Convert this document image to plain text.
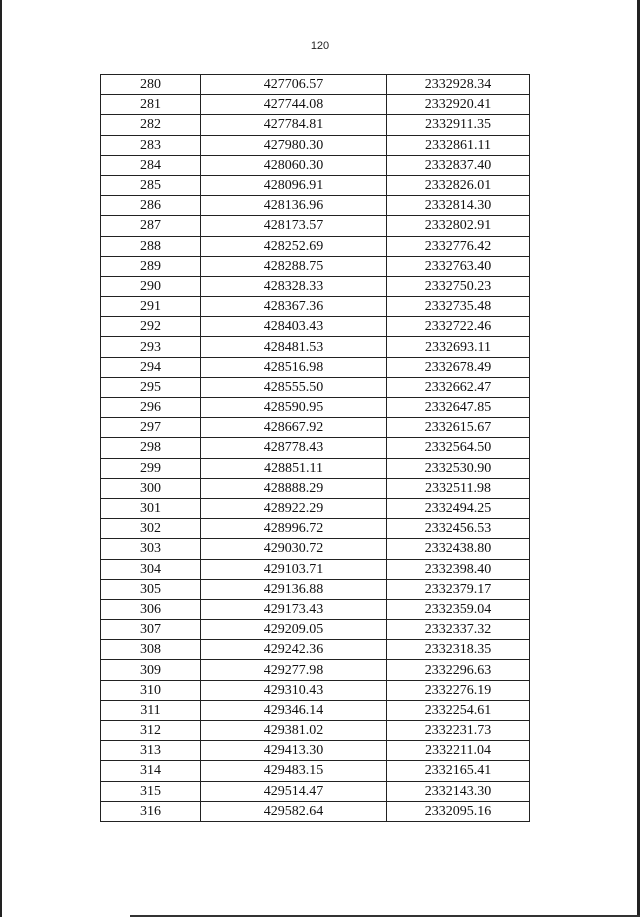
120
280	427706.57	2332928.34
281	427744.08	2332920.41
282	427784.81	2332911.35
283	427980.30	2332861.11
284	428060.30	2332837.40
285	428096.91	2332826.01
286	428136.96	2332814.30
287	428173.57	2332802.91
288	428252.69	2332776.42
289	428288.75	2332763.40
290	428328.33	2332750.23
291	428367.36	2332735.48
292	428403.43	2332722.46
293	428481.53	2332693.11
294	428516.98	2332678.49
295	428555.50	2332662.47
296	428590.95	2332647.85
297	428667.92	2332615.67
298	428778.43	2332564.50
299	428851.11	2332530.90
300	428888.29	2332511.98
301	428922.29	2332494.25
302	428996.72	2332456.53
303	429030.72	2332438.80
304	429103.71	2332398.40
305	429136.88	2332379.17
306	429173.43	2332359.04
307	429209.05	2332337.32
308	429242.36	2332318.35
309	429277.98	2332296.63
310	429310.43	2332276.19
311	429346.14	2332254.61
312	429381.02	2332231.73
313	429413.30	2332211.04
314	429483.15	2332165.41
315	429514.47	2332143.30
316	429582.64	2332095.16
